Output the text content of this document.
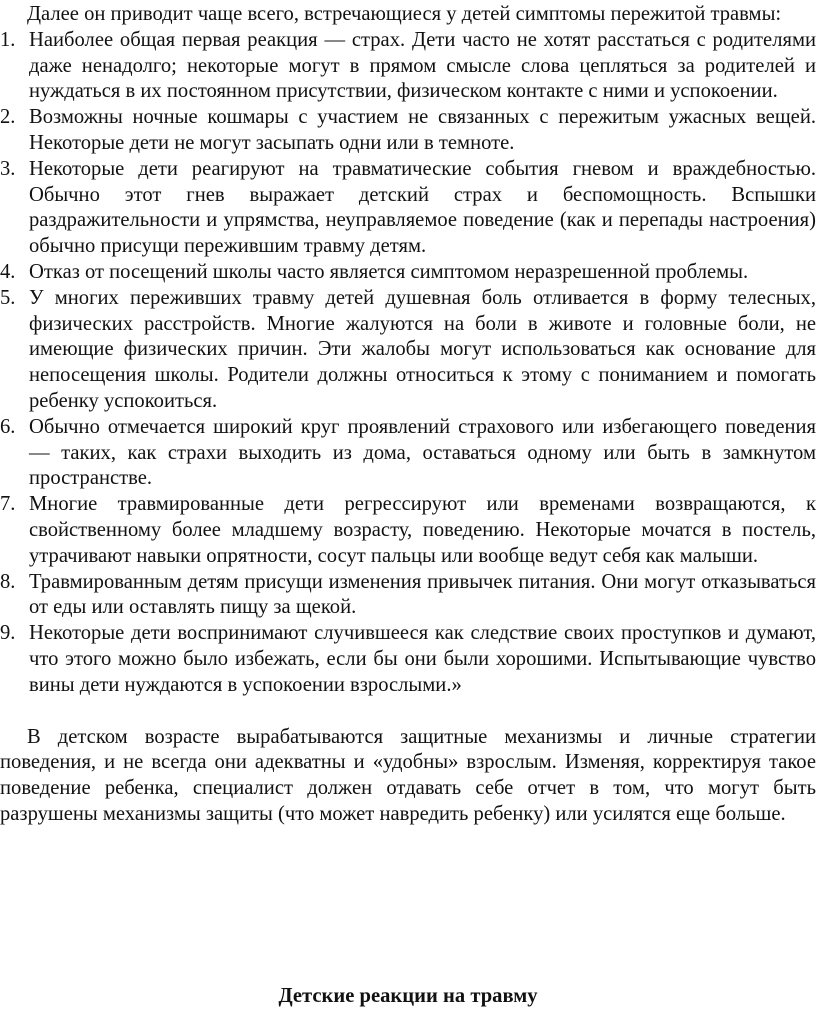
Далее он приводит чаще всего, встречающиеся у детей симптомы пережитой травмы:

1. Наиболее общая первая реакция — страх. Дети часто не хотят расстаться с родителями даже ненадолго; некоторые могут в прямом смысле слова цепляться за родителей и нуждаться в их постоянном присутствии, физическом контакте с ними и успокоении.
2. Возможны ночные кошмары с участием не связанных с пережитым ужасных вещей. Некоторые дети не могут засыпать одни или в темноте.
3. Некоторые дети реагируют на травматические события гневом и враждебностью. Обычно этот гнев выражает детский страх и беспомощность. Вспышки раздражительности и упрямства, неуправляемое поведение (как и перепады настроения) обычно присущи пережившим травму детям.
4. Отказ от посещений школы часто является симптомом неразрешенной проблемы.
5. У многих переживших травму детей душевная боль отливается в форму телесных, физических расстройств. Многие жалуются на боли в животе и головные боли, не имеющие физических причин. Эти жалобы могут использоваться как основание для непосещения школы. Родители должны относиться к этому с пониманием и помогать ребенку успокоиться.
6. Обычно отмечается широкий круг проявлений страхового или избегающего поведения — таких, как страхи выходить из дома, оставаться одному или быть в замкнутом пространстве.
7. Многие травмированные дети регрессируют или временами возвращаются, к свойственному более младшему возрасту, поведению. Некоторые мочатся в постель, утрачивают навыки опрятности, сосут пальцы или вообще ведут себя как малыши.
8. Травмированным детям присущи изменения привычек питания. Они могут отказываться от еды или оставлять пищу за щекой.
9. Некоторые дети воспринимают случившееся как следствие своих проступков и думают, что этого можно было избежать, если бы они были хорошими. Испытывающие чувство вины дети нуждаются в успокоении взрослыми.»

В детском возрасте вырабатываются защитные механизмы и личные стратегии поведения, и не всегда они адекватны и «удобны» взрослым. Изменяя, корректируя такое поведение ребенка, специалист должен отдавать себе отчет в том, что могут быть разрушены механизмы защиты (что может навредить ребенку) или усилятся еще больше.

Детские реакции на травму
